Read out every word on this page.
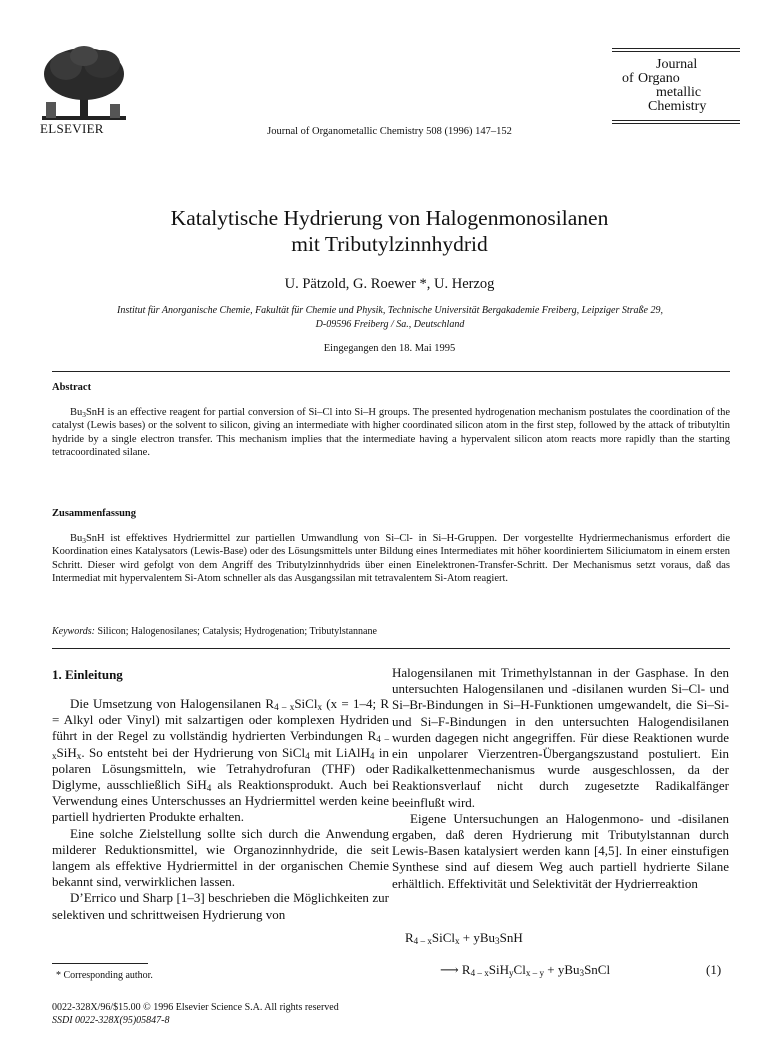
ELSEVIER	Journal of Organometallic Chemistry 508 (1996) 147–152
Journal
of Organo
metallic
Chemistry
Katalytische Hydrierung von Halogenmonosilanen
mit Tributylzinnhydrid
U. Pätzold, G. Roewer *, U. Herzog
Institut für Anorganische Chemie, Fakultät für Chemie und Physik, Technische Universität Bergakademie Freiberg, Leipziger Straße 29,
D-09596 Freiberg / Sa., Deutschland
Eingegangen den 18. Mai 1995
Abstract

$Bu_3SnH$ is an effective reagent for partial conversion of Si–Cl into Si–H groups. The presented hydrogenation mechanism postulates the coordination of the catalyst (Lewis bases) or the solvent to silicon, giving an intermediate with higher coordinated silicon atom in the first step, followed by the attack of tributyltin hydride by a single electron transfer. This mechanism implies that the intermediate having a hypervalent silicon atom reacts more rapidly than the starting tetracoordinated silane.

Zusammenfassung

$Bu_3SnH$ ist effektives Hydriermittel zur partiellen Umwandlung von Si–Cl- in Si–H-Gruppen. Der vorgestellte Hydriermechanismus erfordert die Koordination eines Katalysators (Lewis-Base) oder des Lösungsmittels unter Bildung eines Intermediates mit höher koordiniertem Siliciumatom in einem ersten Schritt. Dieser wird gefolgt von dem Angriff des Tributylzinnhydrids über einen Einelektronen-Transfer-Schritt. Der Mechanismus setzt voraus, daß das Intermediat mit hypervalentem Si-Atom schneller als das Ausgangssilan mit tetravalentem Si-Atom reagiert.

Keywords: Silicon; Halogenosilanes; Catalysis; Hydrogenation; Tributylstannane
1. Einleitung

Die Umsetzung von Halogensilanen $R_{4 - x}SiCl_x$ (x = 1–4; R = Alkyl oder Vinyl) mit salzartigen oder komplexen Hydriden führt in der Regel zu vollständig hydrierten Verbindungen $R_{4 - x}SiH_x$. So entsteht bei der Hydrierung von SiCl$_4$ mit LiAlH$_4$ in polaren Lösungsmitteln, wie Tetrahydrofuran (THF) oder Diglyme, ausschließlich SiH$_4$ als Reaktionsprodukt. Auch bei Verwendung eines Unterschusses an Hydriermittel werden keine partiell hydrierten Produkte erhalten.

Eine solche Zielstellung sollte sich durch die Anwendung milderer Reduktionsmittel, wie Organozinnhydride, die seit langem als effektive Hydriermittel in der organischen Chemie bekannt sind, verwirklichen lassen.

D’Errico und Sharp [1–3] beschrieben die Möglichkeiten zur selektiven und schrittweisen Hydrierung von

Halogensilanen mit Trimethylstannan in der Gasphase. In den untersuchten Halogensilanen und -disilanen wurden Si–Cl- und Si–Br-Bindungen in Si–H-Funktionen umgewandelt, die Si–Si- und Si–F-Bindungen in den untersuchten Halogendisilanen wurden dagegen nicht angegriffen. Für diese Reaktionen wurde ein unpolarer Vierzentren-Übergangszustand postuliert. Ein Radikalkettenmechanismus wurde ausgeschlossen, da der Reaktionsverlauf nicht durch zugesetzte Radikalfänger beeinflußt wird.

Eigene Untersuchungen an Halogenmono- und -disilanen ergaben, daß deren Hydrierung mit Tributylstannan durch Lewis-Basen katalysiert werden kann [4,5]. In einer einstufigen Synthese sind auf diesem Weg auch partiell hydrierte Silane erhältlich. Effektivität und Selektivität der Hydrierreaktion

$R_{4 - x}SiCl_x + yBu_3SnH$
⟶ $R_{4 - x}SiH_yCl_{x - y}$ + yBu$_3$SnCl	(1)
* Corresponding author.
0022-328X/96/$15.00 © 1996 Elsevier Science S.A. All rights reserved
SSDI 0022-328X(95)05847-8
